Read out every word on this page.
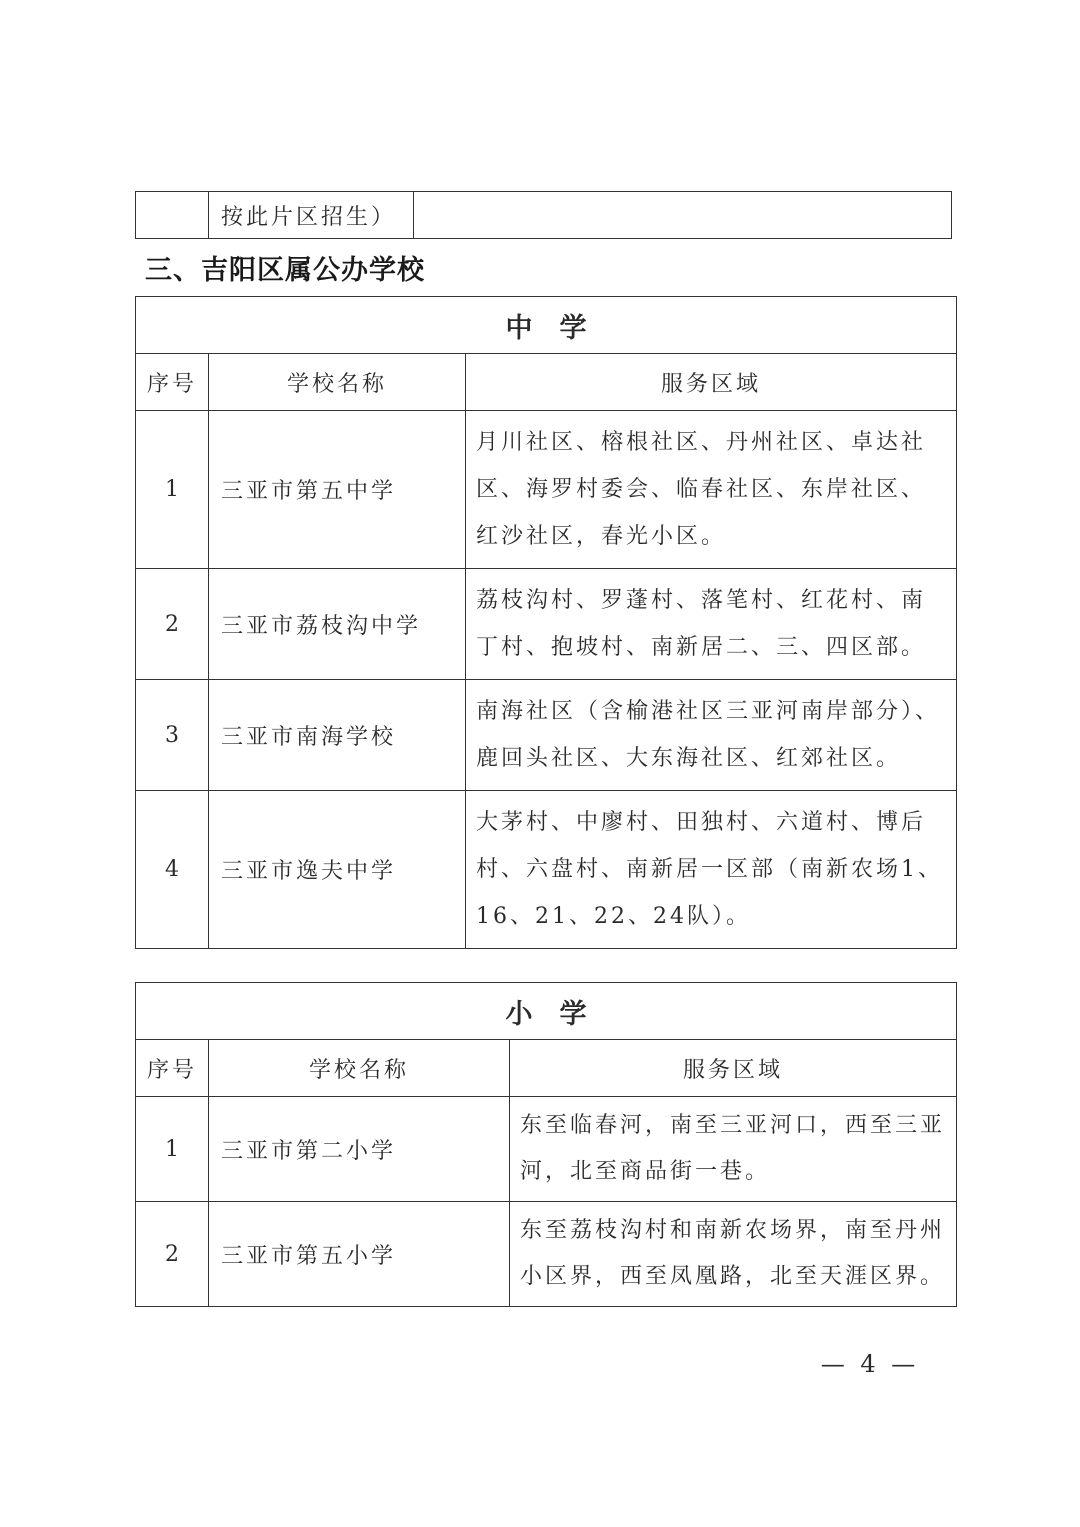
	按此片区招生）	
三、吉阳区属公办学校
中　学		
序号	学校名称	服务区域
1	三亚市第五中学	月川社区、榕根社区、丹州社区、卓达社区、海罗村委会、临春社区、东岸社区、红沙社区，春光小区。
2	三亚市荔枝沟中学	荔枝沟村、罗蓬村、落笔村、红花村、南丁村、抱坡村、南新居二、三、四区部。
3	三亚市南海学校	南海社区（含榆港社区三亚河南岸部分）、鹿回头社区、大东海社区、红郊社区。
4	三亚市逸夫中学	大茅村、中廖村、田独村、六道村、博后村、六盘村、南新居一区部（南新农场1、16、21、22、24队）。
小　学		
序号	学校名称	服务区域
1	三亚市第二小学	东至临春河，南至三亚河口，西至三亚河，北至商品街一巷。
2	三亚市第五小学	东至荔枝沟村和南新农场界，南至丹州小区界，西至凤凰路，北至天涯区界。

— 4 —
